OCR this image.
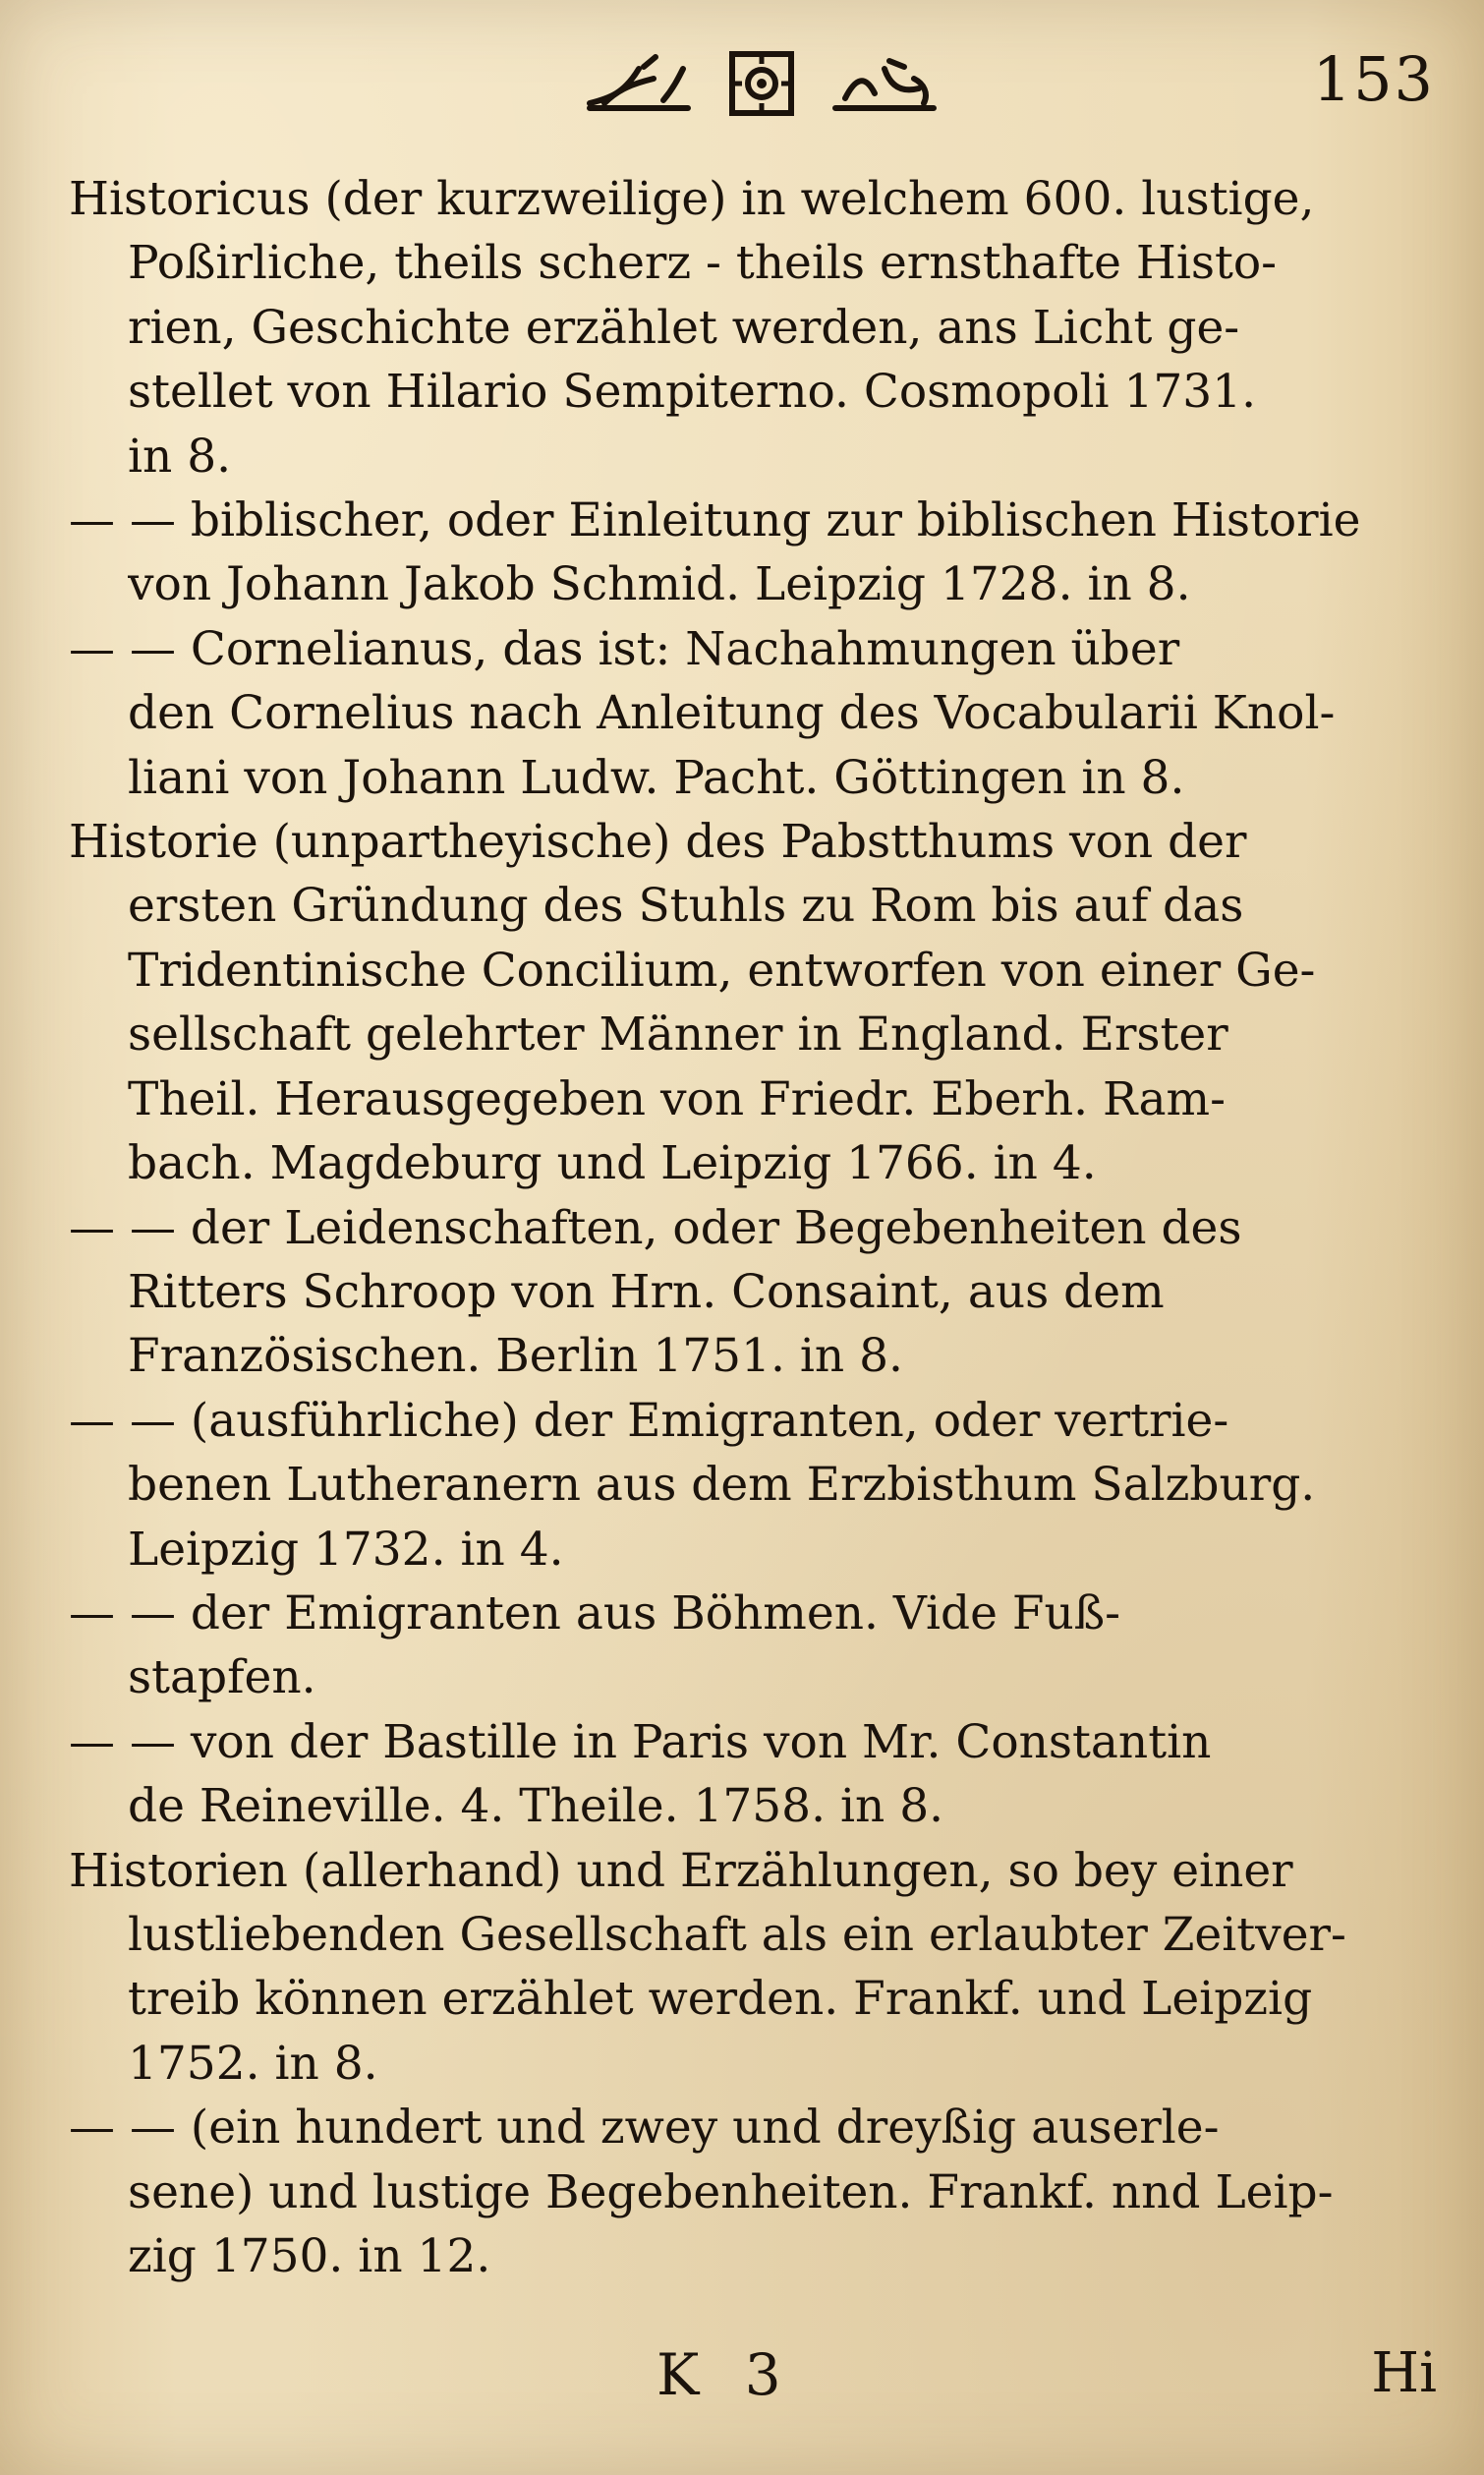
153
Historicus (der kurzweilige) in welchem 600. lustige,
Poßirliche, theils scherz - theils ernsthafte Histo-
rien, Geschichte erzählet werden, ans Licht ge-
stellet von Hilario Sempiterno. Cosmopoli 1731.
in 8.
— — biblischer, oder Einleitung zur biblischen Historie
von Johann Jakob Schmid. Leipzig 1728. in 8.
— — Cornelianus, das ist: Nachahmungen über
den Cornelius nach Anleitung des Vocabularii Knol-
liani von Johann Ludw. Pacht. Göttingen in 8.
Historie (unpartheyische) des Pabstthums von der
ersten Gründung des Stuhls zu Rom bis auf das
Tridentinische Concilium, entworfen von einer Ge-
sellschaft gelehrter Männer in England. Erster
Theil. Herausgegeben von Friedr. Eberh. Ram-
bach. Magdeburg und Leipzig 1766. in 4.
— — der Leidenschaften, oder Begebenheiten des
Ritters Schroop von Hrn. Consaint, aus dem
Französischen. Berlin 1751. in 8.
— — (ausführliche) der Emigranten, oder vertrie-
benen Lutheranern aus dem Erzbisthum Salzburg.
Leipzig 1732. in 4.
— — der Emigranten aus Böhmen. Vide Fuß-
stapfen.
— — von der Bastille in Paris von Mr. Constantin
de Reineville. 4. Theile. 1758. in 8.
Historien (allerhand) und Erzählungen, so bey einer
lustliebenden Gesellschaft als ein erlaubter Zeitver-
treib können erzählet werden. Frankf. und Leipzig
1752. in 8.
— — (ein hundert und zwey und dreyßig auserle-
sene) und lustige Begebenheiten. Frankf. nnd Leip-
zig 1750. in 12.
K 3	Hi
